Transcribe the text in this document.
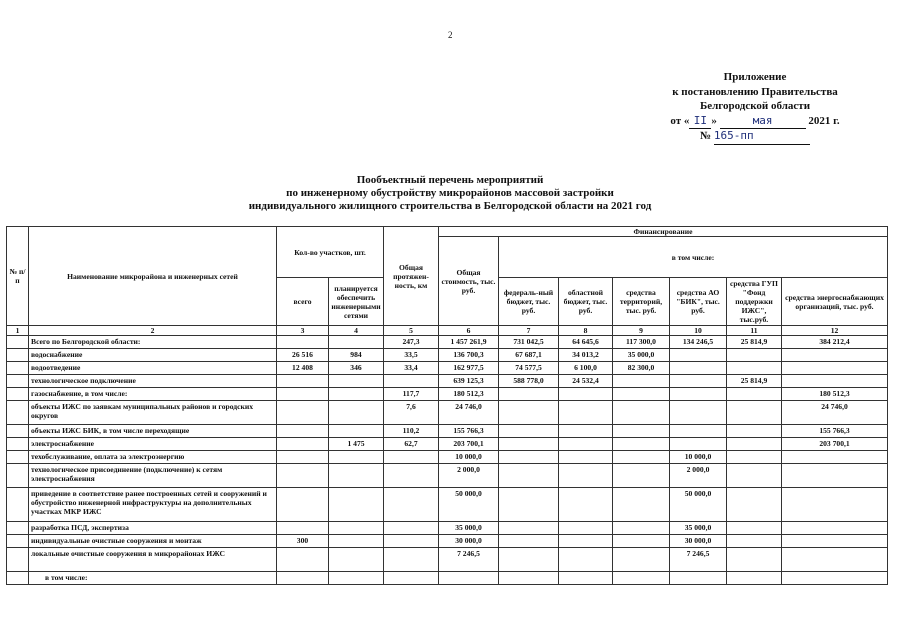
2
Приложение
к постановлению Правительства
Белгородской области
от « II »	мая	2021 г.
№ 165-пп
Пообъектный перечень мероприятий
по инженерному обустройству микрорайонов массовой застройки
индивидуального жилищного строительства в Белгородской области на 2021 год
№ п/п	Наименование микрорайона и инженерных сетей	Кол-во участков, шт.		Общая протяжен-ность, км	Финансирование						
					Общая стоимость, тыс. руб.	в том числе:					
		всего	планируется обеспечить инженерными сетями			федераль-ный бюджет, тыс. руб.	областной бюджет, тыс. руб.	средства территорий, тыс. руб.	средства АО "БИК", тыс. руб.	средства ГУП "Фонд поддержки ИЖС", тыс.руб.	средства энергоснабжающих организаций, тыс. руб.
1	2	3	4	5	6	7	8	9	10	11	12
	Всего по Белгородской области:			247,3	1 457 261,9	731 042,5	64 645,6	117 300,0	134 246,5	25 814,9	384 212,4
	водоснабжение	26 516	984	33,5	136 700,3	67 687,1	34 013,2	35 000,0			
	водоотведение	12 408	346	33,4	162 977,5	74 577,5	6 100,0	82 300,0			
	технологическое подключение				639 125,3	588 778,0	24 532,4			25 814,9	
	газоснабжение, в том числе:			117,7	180 512,3						180 512,3
	объекты ИЖС по заявкам муниципальных районов и городских округов			7,6	24 746,0						24 746,0
	объекты ИЖС БИК, в том числе переходящие			110,2	155 766,3						155 766,3
	электроснабжение		1 475	62,7	203 700,1						203 700,1
	техобслуживание, оплата за электроэнергию				10 000,0				10 000,0		
	технологическое присоединение (подключение) к сетям электроснабжения				2 000,0				2 000,0		
	приведение в соответствие ранее построенных сетей и сооружений и обустройство инженерной инфраструктуры на дополнительных участках МКР ИЖС				50 000,0				50 000,0		
	разработка ПСД, экспертиза				35 000,0				35 000,0		
	индивидуальные очистные сооружения и монтаж	300			30 000,0				30 000,0		
	локальные очистные сооружения в микрорайонах ИЖС				7 246,5				7 246,5		
	в том числе:										
